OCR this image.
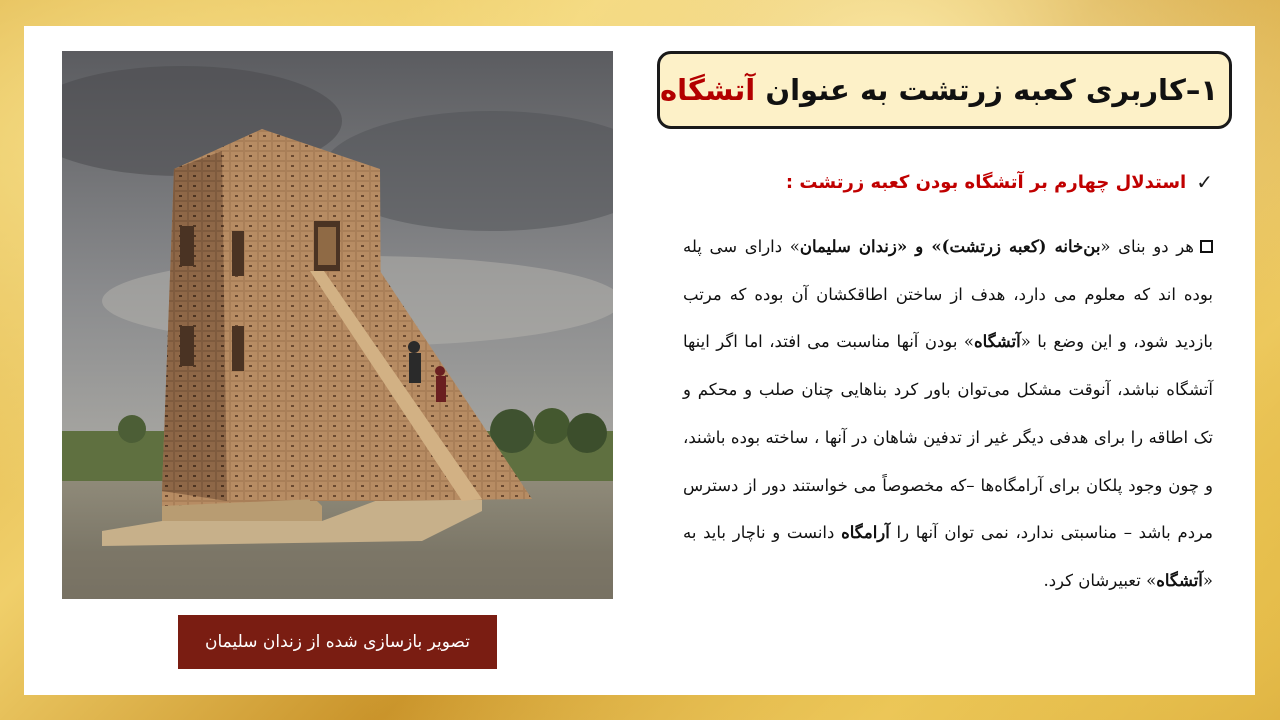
تصویر بازسازی شده از زندان سلیمان
۱–کاربری کعبه زرتشت به عنوان آتشگاه
✓
استدلال چهارم بر آتشگاه بودن کعبه زرتشت :
هر دو بنای «بن‌خانه (کعبه زرتشت)» و «زندان سلیمان» دارای سی پله بوده اند که معلوم می دارد، هدف از ساختن اطاقکشان آن بوده که مرتب بازدید شود، و این وضع با «آتشگاه» بودن آنها مناسبت می افتد، اما اگر اینها آتشگاه نباشد، آنوقت مشکل می‌توان باور کرد بناهایی چنان صلب و محکم و تک اطاقه را برای هدفی دیگر غیر از تدفین شاهان در آنها ، ساخته بوده باشند، و چون وجود پلکان برای آرامگاه‌ها –که مخصوصاً می خواستند دور از دسترس مردم باشد – مناسبتی ندارد، نمی توان آنها را آرامگاه دانست و ناچار باید به «آتشگاه» تعبیرشان کرد.
